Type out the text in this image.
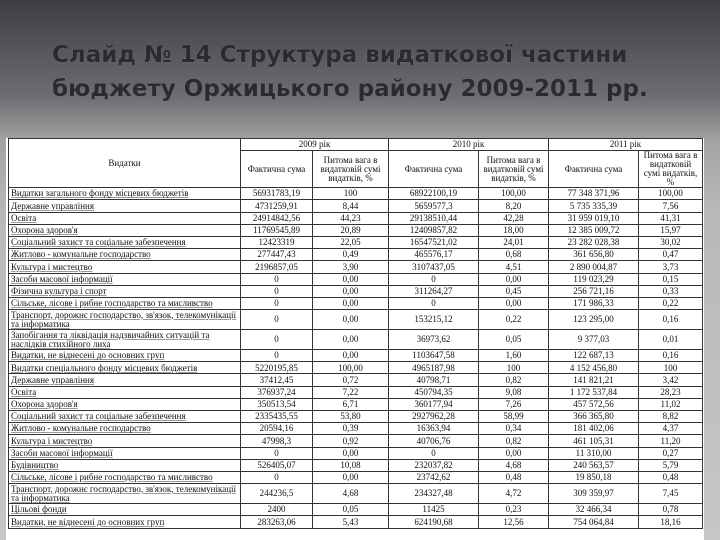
Слайд № 14 Структура видаткової частини бюджету Оржицького району 2009-2011 рр.
Видатки	2009 рік		2010 рік		2011 рік	
	Фактична сума	Питома вага в видатковій сумі видатків, %	Фактична сума	Питома вага в видатковій сумі видатків, %	Фактична сума	Питома вага в видатковій сумі видатків, %
Видатки загального фонду місцевих бюджетів	56931783,19	100	68922100,19	100,00	77 348 371,96	100,00
Державне управління	4731259,91	8,44	5659577,3	8,20	5 735 335,39	7,56
Освіта	24914842,56	44,23	29138510,44	42,28	31 959 019,10	41,31
Охорона здоров'я	11769545,89	20,89	12409857,82	18,00	12 385 009,72	15,97
Соціальний захист та соціальне забезпечення	12423319	22,05	16547521,02	24,01	23 282 028,38	30,02
Житлово - комунальне господарство	277447,43	0,49	465576,17	0,68	361 656,80	0,47
Культура і мистецтво	2196857,05	3,90	3107437,05	4,51	2 890 004,87	3,73
Засоби масової інформації	0	0,00	0	0,00	119 023,29	0,15
Фізична культура і спорт	0	0,00	311264,27	0,45	256 721,16	0,33
Сільське, лісове і рибне господарство та мисливство	0	0,00	0	0,00	171 986,33	0,22
Транспорт, дорожнє господарство, зв'язок, телекомунікації та інформатика	0	0,00	153215,12	0,22	123 295,00	0,16
Запобігання та ліквідація надзвичайних ситуацій та наслідків стихійного лиха	0	0,00	36973,62	0,05	9 377,03	0,01
Видатки, не віднесені до основних груп	0	0,00	1103647,58	1,60	122 687,13	0,16
Видатки спеціального фонду місцевих бюджетів	5220195,85	100,00	4965187,98	100	4 152 456,80	100
Державне управління	37412,45	0,72	40798,71	0,82	141 821,21	3,42
Освіта	376937,24	7,22	450794,35	9,08	1 172 537,84	28,23
Охорона здоров'я	350513,54	6,71	360177,94	7,26	457 572,56	11,02
Соціальний захист та соціальне забезпечення	2335435,55	53,80	2927962,28	58,99	366 365,80	8,82
Житлово - комунальне господарство	20594,16	0,39	16363,94	0,34	181 402,06	4,37
Культура і мистецтво	47998,3	0,92	40706,76	0,82	461 105,31	11,20
Засоби масової інформації	0	0,00	0	0,00	11 310,00	0,27
Будівництво	526405,07	10,08	232037,82	4,68	240 563,57	5,79
Сільське, лісове і рибне господарство та мисливство	0	0,00	23742,62	0,48	19 850,18	0,48
Транспорт, дорожнє господарство, зв'язок, телекомунікації та інформатика	244236,5	4,68	234327,48	4,72	309 359,97	7,45
Цільові фонди	2400	0,05	11425	0,23	32 466,34	0,78
Видатки, не віднесені до основних груп	283263,06	5,43	624190,68	12,56	754 064,84	18,16
